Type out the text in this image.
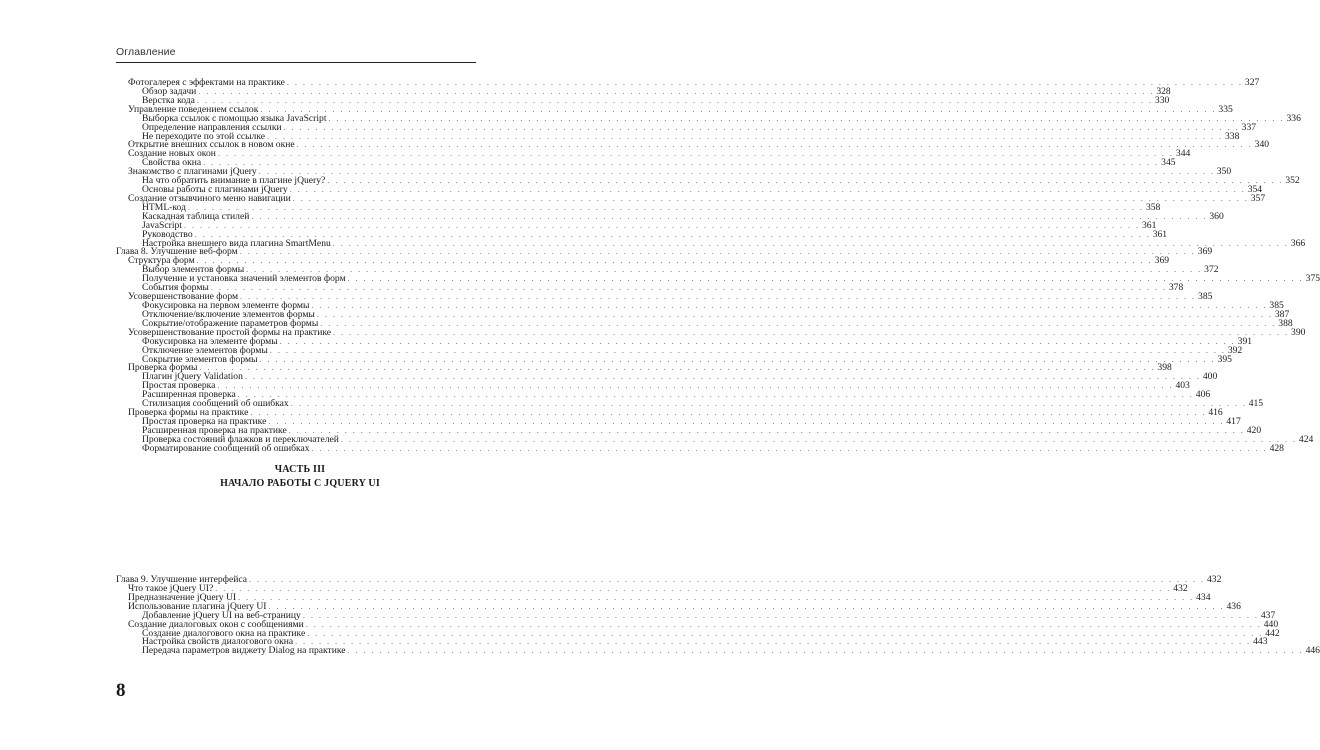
Оглавление
Фотогалерея с эффектами на практике . . . . . . . . . . . . . . . . . . . . . . . . . . . . . . . . . . . . . . . . . . . . . . . . . . . . . . . . . . . . . . . . . . . . . . . . . . . . . . . . . . . . . . . . . . . . . . . . . . . . . . . . . . . . . . . . . . . . . . . . 327
Обзор задачи . . . . . . . . . . . . . . . . . . . . . . . . . . . . . . . . . . . . . . . . . . . . . . . . . . . . . . . . . . . . . . . . . . . . . . . . . . . . . . . . . . . . . . . . . . . . . . . . . . . . . . . . . . . . . . . . . . . . . . . . 328
Верстка кода . . . . . . . . . . . . . . . . . . . . . . . . . . . . . . . . . . . . . . . . . . . . . . . . . . . . . . . . . . . . . . . . . . . . . . . . . . . . . . . . . . . . . . . . . . . . . . . . . . . . . . . . . . . . . . . . . . . . . . . . 330
Управление поведением ссылок . . . . . . . . . . . . . . . . . . . . . . . . . . . . . . . . . . . . . . . . . . . . . . . . . . . . . . . . . . . . . . . . . . . . . . . . . . . . . . . . . . . . . . . . . . . . . . . . . . . . . . . . . . . . . . . . . . . . . . . . 335
Выборка ссылок с помощью языка JavaScript . . . . . . . . . . . . . . . . . . . . . . . . . . . . . . . . . . . . . . . . . . . . . . . . . . . . . . . . . . . . . . . . . . . . . . . . . . . . . . . . . . . . . . . . . . . . . . . . . . . . . . . . . . . . . . . . . . . . . . . . 336
Определение направления ссылки . . . . . . . . . . . . . . . . . . . . . . . . . . . . . . . . . . . . . . . . . . . . . . . . . . . . . . . . . . . . . . . . . . . . . . . . . . . . . . . . . . . . . . . . . . . . . . . . . . . . . . . . . . . . . . . . . . . . . . . . 337
Не переходите по этой ссылке . . . . . . . . . . . . . . . . . . . . . . . . . . . . . . . . . . . . . . . . . . . . . . . . . . . . . . . . . . . . . . . . . . . . . . . . . . . . . . . . . . . . . . . . . . . . . . . . . . . . . . . . . . . . . . . . . . . . . . . . 338
Открытие внешних ссылок в новом окне . . . . . . . . . . . . . . . . . . . . . . . . . . . . . . . . . . . . . . . . . . . . . . . . . . . . . . . . . . . . . . . . . . . . . . . . . . . . . . . . . . . . . . . . . . . . . . . . . . . . . . . . . . . . . . . . . . . . . . . . 340
Создание новых окон . . . . . . . . . . . . . . . . . . . . . . . . . . . . . . . . . . . . . . . . . . . . . . . . . . . . . . . . . . . . . . . . . . . . . . . . . . . . . . . . . . . . . . . . . . . . . . . . . . . . . . . . . . . . . . . . . . . . . . . . 344
Свойства окна . . . . . . . . . . . . . . . . . . . . . . . . . . . . . . . . . . . . . . . . . . . . . . . . . . . . . . . . . . . . . . . . . . . . . . . . . . . . . . . . . . . . . . . . . . . . . . . . . . . . . . . . . . . . . . . . . . . . . . . . 345
Знакомство с плагинами jQuery . . . . . . . . . . . . . . . . . . . . . . . . . . . . . . . . . . . . . . . . . . . . . . . . . . . . . . . . . . . . . . . . . . . . . . . . . . . . . . . . . . . . . . . . . . . . . . . . . . . . . . . . . . . . . . . . . . . . . . . . 350
На что обратить внимание в плагине jQuery? . . . . . . . . . . . . . . . . . . . . . . . . . . . . . . . . . . . . . . . . . . . . . . . . . . . . . . . . . . . . . . . . . . . . . . . . . . . . . . . . . . . . . . . . . . . . . . . . . . . . . . . . . . . . . . . . . . . . . . . . 352
Основы работы с плагинами jQuery . . . . . . . . . . . . . . . . . . . . . . . . . . . . . . . . . . . . . . . . . . . . . . . . . . . . . . . . . . . . . . . . . . . . . . . . . . . . . . . . . . . . . . . . . . . . . . . . . . . . . . . . . . . . . . . . . . . . . . . . 354
Создание отзывчиного меню навигации . . . . . . . . . . . . . . . . . . . . . . . . . . . . . . . . . . . . . . . . . . . . . . . . . . . . . . . . . . . . . . . . . . . . . . . . . . . . . . . . . . . . . . . . . . . . . . . . . . . . . . . . . . . . . . . . . . . . . . . . 357
HTML-код . . . . . . . . . . . . . . . . . . . . . . . . . . . . . . . . . . . . . . . . . . . . . . . . . . . . . . . . . . . . . . . . . . . . . . . . . . . . . . . . . . . . . . . . . . . . . . . . . . . . . . . . . . . . . . . . . . . . . . . . 358
Каскадная таблица стилей . . . . . . . . . . . . . . . . . . . . . . . . . . . . . . . . . . . . . . . . . . . . . . . . . . . . . . . . . . . . . . . . . . . . . . . . . . . . . . . . . . . . . . . . . . . . . . . . . . . . . . . . . . . . . . . . . . . . . . . . 360
JavaScript . . . . . . . . . . . . . . . . . . . . . . . . . . . . . . . . . . . . . . . . . . . . . . . . . . . . . . . . . . . . . . . . . . . . . . . . . . . . . . . . . . . . . . . . . . . . . . . . . . . . . . . . . . . . . . . . . . . . . . . . 361
Руководство . . . . . . . . . . . . . . . . . . . . . . . . . . . . . . . . . . . . . . . . . . . . . . . . . . . . . . . . . . . . . . . . . . . . . . . . . . . . . . . . . . . . . . . . . . . . . . . . . . . . . . . . . . . . . . . . . . . . . . . . 361
Настройка внешнего вида плагина SmartMenu . . . . . . . . . . . . . . . . . . . . . . . . . . . . . . . . . . . . . . . . . . . . . . . . . . . . . . . . . . . . . . . . . . . . . . . . . . . . . . . . . . . . . . . . . . . . . . . . . . . . . . . . . . . . . . . . . . . . . . . . 366
Глава 8. Улучшение веб-форм . . . . . . . . . . . . . . . . . . . . . . . . . . . . . . . . . . . . . . . . . . . . . . . . . . . . . . . . . . . . . . . . . . . . . . . . . . . . . . . . . . . . . . . . . . . . . . . . . . . . . . . . . . . . . . . . . . . . . . . . 369
Структура форм . . . . . . . . . . . . . . . . . . . . . . . . . . . . . . . . . . . . . . . . . . . . . . . . . . . . . . . . . . . . . . . . . . . . . . . . . . . . . . . . . . . . . . . . . . . . . . . . . . . . . . . . . . . . . . . . . . . . . . . . 369
Выбор элементов формы . . . . . . . . . . . . . . . . . . . . . . . . . . . . . . . . . . . . . . . . . . . . . . . . . . . . . . . . . . . . . . . . . . . . . . . . . . . . . . . . . . . . . . . . . . . . . . . . . . . . . . . . . . . . . . . . . . . . . . . . 372
Получение и установка значений элементов форм . . . . . . . . . . . . . . . . . . . . . . . . . . . . . . . . . . . . . . . . . . . . . . . . . . . . . . . . . . . . . . . . . . . . . . . . . . . . . . . . . . . . . . . . . . . . . . . . . . . . . . . . . . . . . . . . . . . . . . . . 375
События формы . . . . . . . . . . . . . . . . . . . . . . . . . . . . . . . . . . . . . . . . . . . . . . . . . . . . . . . . . . . . . . . . . . . . . . . . . . . . . . . . . . . . . . . . . . . . . . . . . . . . . . . . . . . . . . . . . . . . . . . . 378
Усовершенствование форм . . . . . . . . . . . . . . . . . . . . . . . . . . . . . . . . . . . . . . . . . . . . . . . . . . . . . . . . . . . . . . . . . . . . . . . . . . . . . . . . . . . . . . . . . . . . . . . . . . . . . . . . . . . . . . . . . . . . . . . . 385
Фокусировка на первом элементе формы . . . . . . . . . . . . . . . . . . . . . . . . . . . . . . . . . . . . . . . . . . . . . . . . . . . . . . . . . . . . . . . . . . . . . . . . . . . . . . . . . . . . . . . . . . . . . . . . . . . . . . . . . . . . . . . . . . . . . . . . 385
Отключение/включение элементов формы . . . . . . . . . . . . . . . . . . . . . . . . . . . . . . . . . . . . . . . . . . . . . . . . . . . . . . . . . . . . . . . . . . . . . . . . . . . . . . . . . . . . . . . . . . . . . . . . . . . . . . . . . . . . . . . . . . . . . . . . 387
Сокрытие/отображение параметров формы . . . . . . . . . . . . . . . . . . . . . . . . . . . . . . . . . . . . . . . . . . . . . . . . . . . . . . . . . . . . . . . . . . . . . . . . . . . . . . . . . . . . . . . . . . . . . . . . . . . . . . . . . . . . . . . . . . . . . . . . 388
Усовершенствование простой формы на практике . . . . . . . . . . . . . . . . . . . . . . . . . . . . . . . . . . . . . . . . . . . . . . . . . . . . . . . . . . . . . . . . . . . . . . . . . . . . . . . . . . . . . . . . . . . . . . . . . . . . . . . . . . . . . . . . . . . . . . . . 390
Фокусировка на элементе формы . . . . . . . . . . . . . . . . . . . . . . . . . . . . . . . . . . . . . . . . . . . . . . . . . . . . . . . . . . . . . . . . . . . . . . . . . . . . . . . . . . . . . . . . . . . . . . . . . . . . . . . . . . . . . . . . . . . . . . . . 391
Отключение элементов формы . . . . . . . . . . . . . . . . . . . . . . . . . . . . . . . . . . . . . . . . . . . . . . . . . . . . . . . . . . . . . . . . . . . . . . . . . . . . . . . . . . . . . . . . . . . . . . . . . . . . . . . . . . . . . . . . . . . . . . . . 392
Сокрытие элементов формы . . . . . . . . . . . . . . . . . . . . . . . . . . . . . . . . . . . . . . . . . . . . . . . . . . . . . . . . . . . . . . . . . . . . . . . . . . . . . . . . . . . . . . . . . . . . . . . . . . . . . . . . . . . . . . . . . . . . . . . . 395
Проверка формы . . . . . . . . . . . . . . . . . . . . . . . . . . . . . . . . . . . . . . . . . . . . . . . . . . . . . . . . . . . . . . . . . . . . . . . . . . . . . . . . . . . . . . . . . . . . . . . . . . . . . . . . . . . . . . . . . . . . . . . . 398
Плагин jQuery Validation . . . . . . . . . . . . . . . . . . . . . . . . . . . . . . . . . . . . . . . . . . . . . . . . . . . . . . . . . . . . . . . . . . . . . . . . . . . . . . . . . . . . . . . . . . . . . . . . . . . . . . . . . . . . . . . . . . . . . . . . 400
Простая проверка . . . . . . . . . . . . . . . . . . . . . . . . . . . . . . . . . . . . . . . . . . . . . . . . . . . . . . . . . . . . . . . . . . . . . . . . . . . . . . . . . . . . . . . . . . . . . . . . . . . . . . . . . . . . . . . . . . . . . . . . 403
Расширенная проверка . . . . . . . . . . . . . . . . . . . . . . . . . . . . . . . . . . . . . . . . . . . . . . . . . . . . . . . . . . . . . . . . . . . . . . . . . . . . . . . . . . . . . . . . . . . . . . . . . . . . . . . . . . . . . . . . . . . . . . . . 406
Стилизация сообщений об ошибках . . . . . . . . . . . . . . . . . . . . . . . . . . . . . . . . . . . . . . . . . . . . . . . . . . . . . . . . . . . . . . . . . . . . . . . . . . . . . . . . . . . . . . . . . . . . . . . . . . . . . . . . . . . . . . . . . . . . . . . . 415
Проверка формы на практике . . . . . . . . . . . . . . . . . . . . . . . . . . . . . . . . . . . . . . . . . . . . . . . . . . . . . . . . . . . . . . . . . . . . . . . . . . . . . . . . . . . . . . . . . . . . . . . . . . . . . . . . . . . . . . . . . . . . . . . . 416
Простая проверка на практике . . . . . . . . . . . . . . . . . . . . . . . . . . . . . . . . . . . . . . . . . . . . . . . . . . . . . . . . . . . . . . . . . . . . . . . . . . . . . . . . . . . . . . . . . . . . . . . . . . . . . . . . . . . . . . . . . . . . . . . . 417
Расширенная проверка на практике . . . . . . . . . . . . . . . . . . . . . . . . . . . . . . . . . . . . . . . . . . . . . . . . . . . . . . . . . . . . . . . . . . . . . . . . . . . . . . . . . . . . . . . . . . . . . . . . . . . . . . . . . . . . . . . . . . . . . . . . 420
Проверка состояний флажков и переключателей . . . . . . . . . . . . . . . . . . . . . . . . . . . . . . . . . . . . . . . . . . . . . . . . . . . . . . . . . . . . . . . . . . . . . . . . . . . . . . . . . . . . . . . . . . . . . . . . . . . . . . . . . . . . . . . . . . . . . . . . 424
Форматирование сообщений об ошибках . . . . . . . . . . . . . . . . . . . . . . . . . . . . . . . . . . . . . . . . . . . . . . . . . . . . . . . . . . . . . . . . . . . . . . . . . . . . . . . . . . . . . . . . . . . . . . . . . . . . . . . . . . . . . . . . . . . . . . . . 428
ЧАСТЬ III
НАЧАЛО РАБОТЫ С JQUERY UI
Глава 9. Улучшение интерфейса . . . . . . . . . . . . . . . . . . . . . . . . . . . . . . . . . . . . . . . . . . . . . . . . . . . . . . . . . . . . . . . . . . . . . . . . . . . . . . . . . . . . . . . . . . . . . . . . . . . . . . . . . . . . . . . . . . . . . . . . 432
Что такое jQuery UI? . . . . . . . . . . . . . . . . . . . . . . . . . . . . . . . . . . . . . . . . . . . . . . . . . . . . . . . . . . . . . . . . . . . . . . . . . . . . . . . . . . . . . . . . . . . . . . . . . . . . . . . . . . . . . . . . . . . . . . . . 432
Предназначение jQuery UI . . . . . . . . . . . . . . . . . . . . . . . . . . . . . . . . . . . . . . . . . . . . . . . . . . . . . . . . . . . . . . . . . . . . . . . . . . . . . . . . . . . . . . . . . . . . . . . . . . . . . . . . . . . . . . . . . . . . . . . . 434
Использование плагина jQuery UI . . . . . . . . . . . . . . . . . . . . . . . . . . . . . . . . . . . . . . . . . . . . . . . . . . . . . . . . . . . . . . . . . . . . . . . . . . . . . . . . . . . . . . . . . . . . . . . . . . . . . . . . . . . . . . . . . . . . . . . . 436
Добавление jQuery UI на веб-страницу . . . . . . . . . . . . . . . . . . . . . . . . . . . . . . . . . . . . . . . . . . . . . . . . . . . . . . . . . . . . . . . . . . . . . . . . . . . . . . . . . . . . . . . . . . . . . . . . . . . . . . . . . . . . . . . . . . . . . . . . 437
Создание диалоговых окон с сообщениями . . . . . . . . . . . . . . . . . . . . . . . . . . . . . . . . . . . . . . . . . . . . . . . . . . . . . . . . . . . . . . . . . . . . . . . . . . . . . . . . . . . . . . . . . . . . . . . . . . . . . . . . . . . . . . . . . . . . . . . . 440
Создание диалогового окна на практике . . . . . . . . . . . . . . . . . . . . . . . . . . . . . . . . . . . . . . . . . . . . . . . . . . . . . . . . . . . . . . . . . . . . . . . . . . . . . . . . . . . . . . . . . . . . . . . . . . . . . . . . . . . . . . . . . . . . . . . . 442
Настройка свойств диалогового окна . . . . . . . . . . . . . . . . . . . . . . . . . . . . . . . . . . . . . . . . . . . . . . . . . . . . . . . . . . . . . . . . . . . . . . . . . . . . . . . . . . . . . . . . . . . . . . . . . . . . . . . . . . . . . . . . . . . . . . . . 443
Передача параметров виджету Dialog на практике . . . . . . . . . . . . . . . . . . . . . . . . . . . . . . . . . . . . . . . . . . . . . . . . . . . . . . . . . . . . . . . . . . . . . . . . . . . . . . . . . . . . . . . . . . . . . . . . . . . . . . . . . . . . . . . . . . . . . . . . 446
8
